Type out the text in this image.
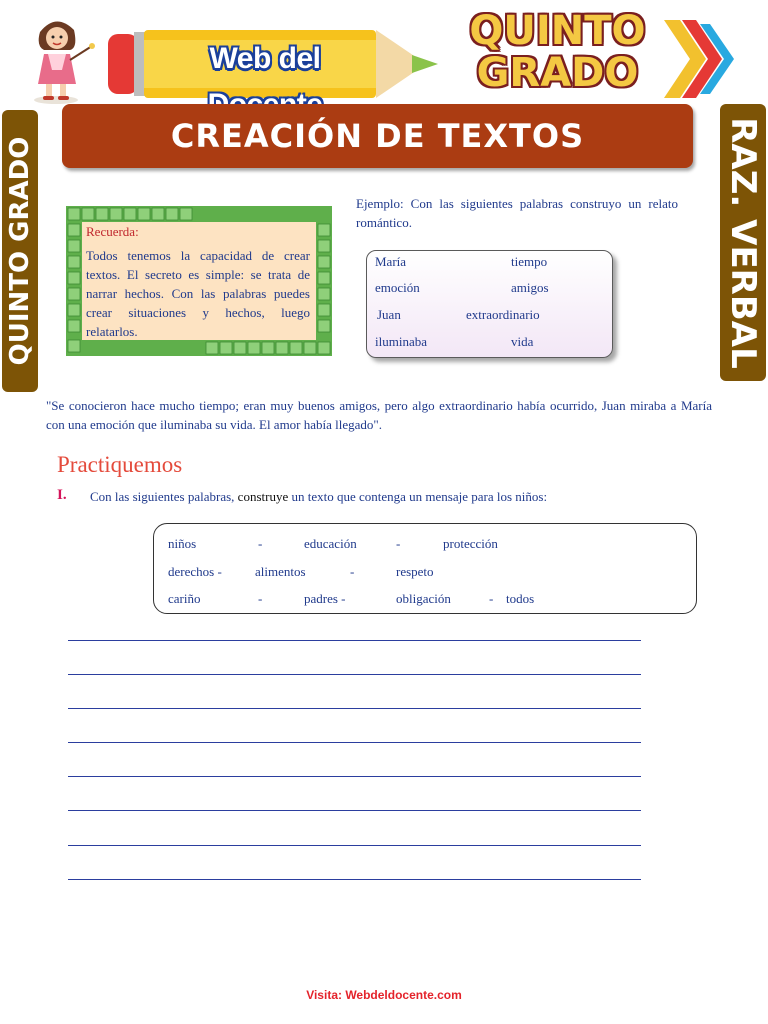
Web del
QUINTO
GRADO
CREACIÓN DE TEXTOS
QUINTO GRADO	RAZ. VERBAL
Recuerda:
Todos tenemos la capacidad de crear textos. El secreto es simple: se trata de narrar hechos. Con las palabras puedes crear situaciones y hechos, luego relatarlos.
Ejemplo: Con las siguientes palabras construyo un relato romántico.
María	tiempo
emoción	amigos
Juan	extraordinario
iluminaba	vida
"Se conocieron hace mucho tiempo; eran muy buenos amigos, pero algo extraordinario había ocurrido, Juan miraba a María con una emoción que iluminaba su vida. El amor había llegado".
Practiquemos
I. Con las siguientes palabras, construye un texto que contenga un mensaje para los niños:
niños	-	educación	-	protección
derechos -	alimentos	-	respeto
cariño	-	padres -	obligación	- todos
Visita: Webdeldocente.com
